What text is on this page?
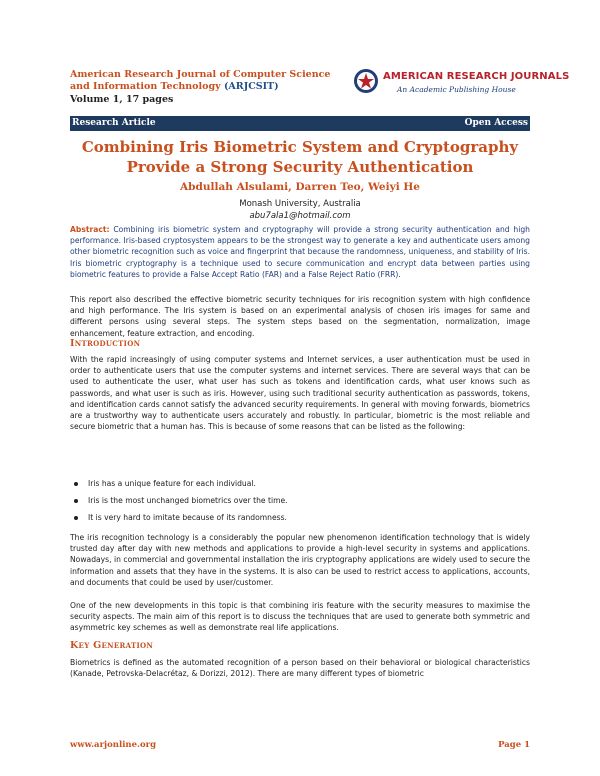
American Research Journal of Computer Science and Information Technology (ARJCSIT)
Volume 1, 17 pages
AMERICAN RESEARCH JOURNALS
An Academic Publishing House
Research Article	Open Access
Combining Iris Biometric System and Cryptography Provide a Strong Security Authentication
Abdullah Alsulami, Darren Teo, Weiyi He
Monash University, Australia
abu7ala1@hotmail.com
Abstract: Combining iris biometric system and cryptography will provide a strong security authentication and high performance. Iris-based cryptosystem appears to be the strongest way to generate a key and authenticate users among other biometric recognition such as voice and fingerprint that because the randomness, uniqueness, and stability of Iris. Iris biometric cryptography is a technique used to secure communication and encrypt data between parties using biometric features to provide a False Accept Ratio (FAR) and a False Reject Ratio (FRR).
This report also described the effective biometric security techniques for iris recognition system with high confidence and high performance. The Iris system is based on an experimental analysis of chosen iris images for same and different persons using several steps. The system steps based on the segmentation, normalization, image enhancement, feature extraction, and encoding.
Introduction
With the rapid increasingly of using computer systems and Internet services, a user authentication must be used in order to authenticate users that use the computer systems and internet services. There are several ways that can be used to authenticate the user, what user has such as tokens and identification cards, what user knows such as passwords, and what user is such as iris. However, using such traditional security authentication as passwords, tokens, and identification cards cannot satisfy the advanced security requirements. In general with moving forwards, biometrics are a trustworthy way to authenticate users accurately and robustly. In particular, biometric is the most reliable and secure biometric that a human has. This is because of some reasons that can be listed as the following:
Iris has a unique feature for each individual.
Iris is the most unchanged biometrics over the time.
It is very hard to imitate because of its randomness.
The iris recognition technology is a considerably the popular new phenomenon identification technology that is widely trusted day after day with new methods and applications to provide a high-level security in systems and applications. Nowadays, in commercial and governmental installation the iris cryptography applications are widely used to secure the information and assets that they have in the systems. It is also can be used to restrict access to applications, accounts, and documents that could be used by user/customer.
One of the new developments in this topic is that combining iris feature with the security measures to maximise the security aspects. The main aim of this report is to discuss the techniques that are used to generate both symmetric and asymmetric key schemes as well as demonstrate real life applications.
Key Generation
Biometrics is defined as the automated recognition of a person based on their behavioral or biological characteristics (Kanade, Petrovska-Delacrétaz, & Dorizzi, 2012). There are many different types of biometric
www.arjonline.org	Page 1
